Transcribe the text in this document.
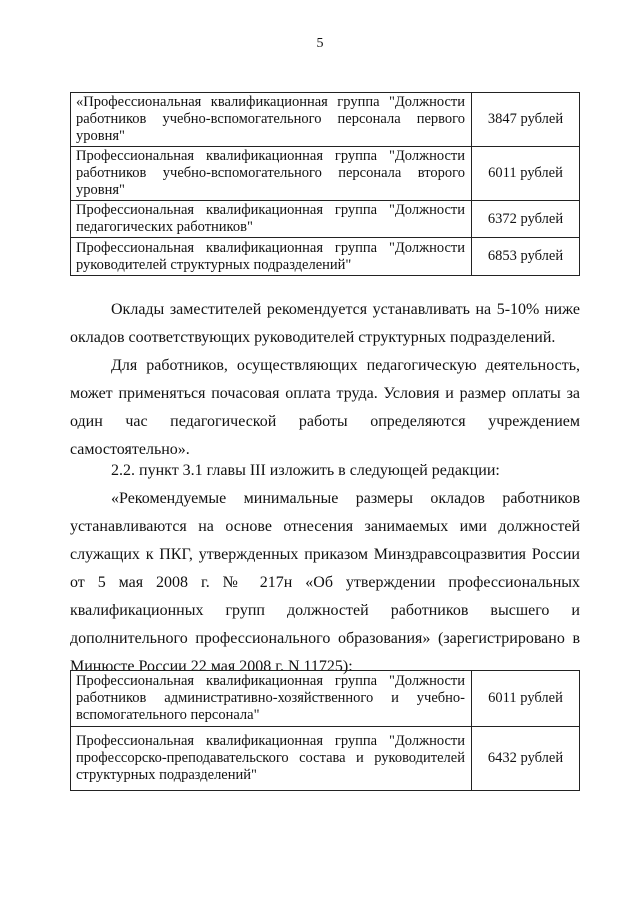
5
«Профессиональная квалификационная группа "Должности работников учебно-вспомогательного персонала первого уровня"	3847 рублей
Профессиональная квалификационная группа "Должности работников учебно-вспомогательного персонала второго уровня"	6011 рублей
Профессиональная квалификационная группа "Должности педагогических работников"	6372 рублей
Профессиональная квалификационная группа "Должности руководителей структурных подразделений"	6853 рублей

Оклады заместителей рекомендуется устанавливать на 5-10% ниже окладов соответствующих руководителей структурных подразделений.

Для работников, осуществляющих педагогическую деятельность, может применяться почасовая оплата труда. Условия и размер оплаты за один час педагогической работы определяются учреждением самостоятельно».

2.2. пункт 3.1 главы III изложить в следующей редакции:

«Рекомендуемые минимальные размеры окладов работников устанавливаются на основе отнесения занимаемых ими должностей служащих к ПКГ, утвержденных приказом Минздравсоцразвития России от 5 мая 2008 г. № 217н «Об утверждении профессиональных квалификационных групп должностей работников высшего и дополнительного профессионального образования» (зарегистрировано в Минюсте России 22 мая 2008 г. N 11725):

Профессиональная квалификационная группа "Должности работников административно-хозяйственного и учебно-вспомогательного персонала"	6011 рублей
Профессиональная квалификационная группа "Должности профессорско-преподавательского состава и руководителей структурных подразделений"	6432 рублей
